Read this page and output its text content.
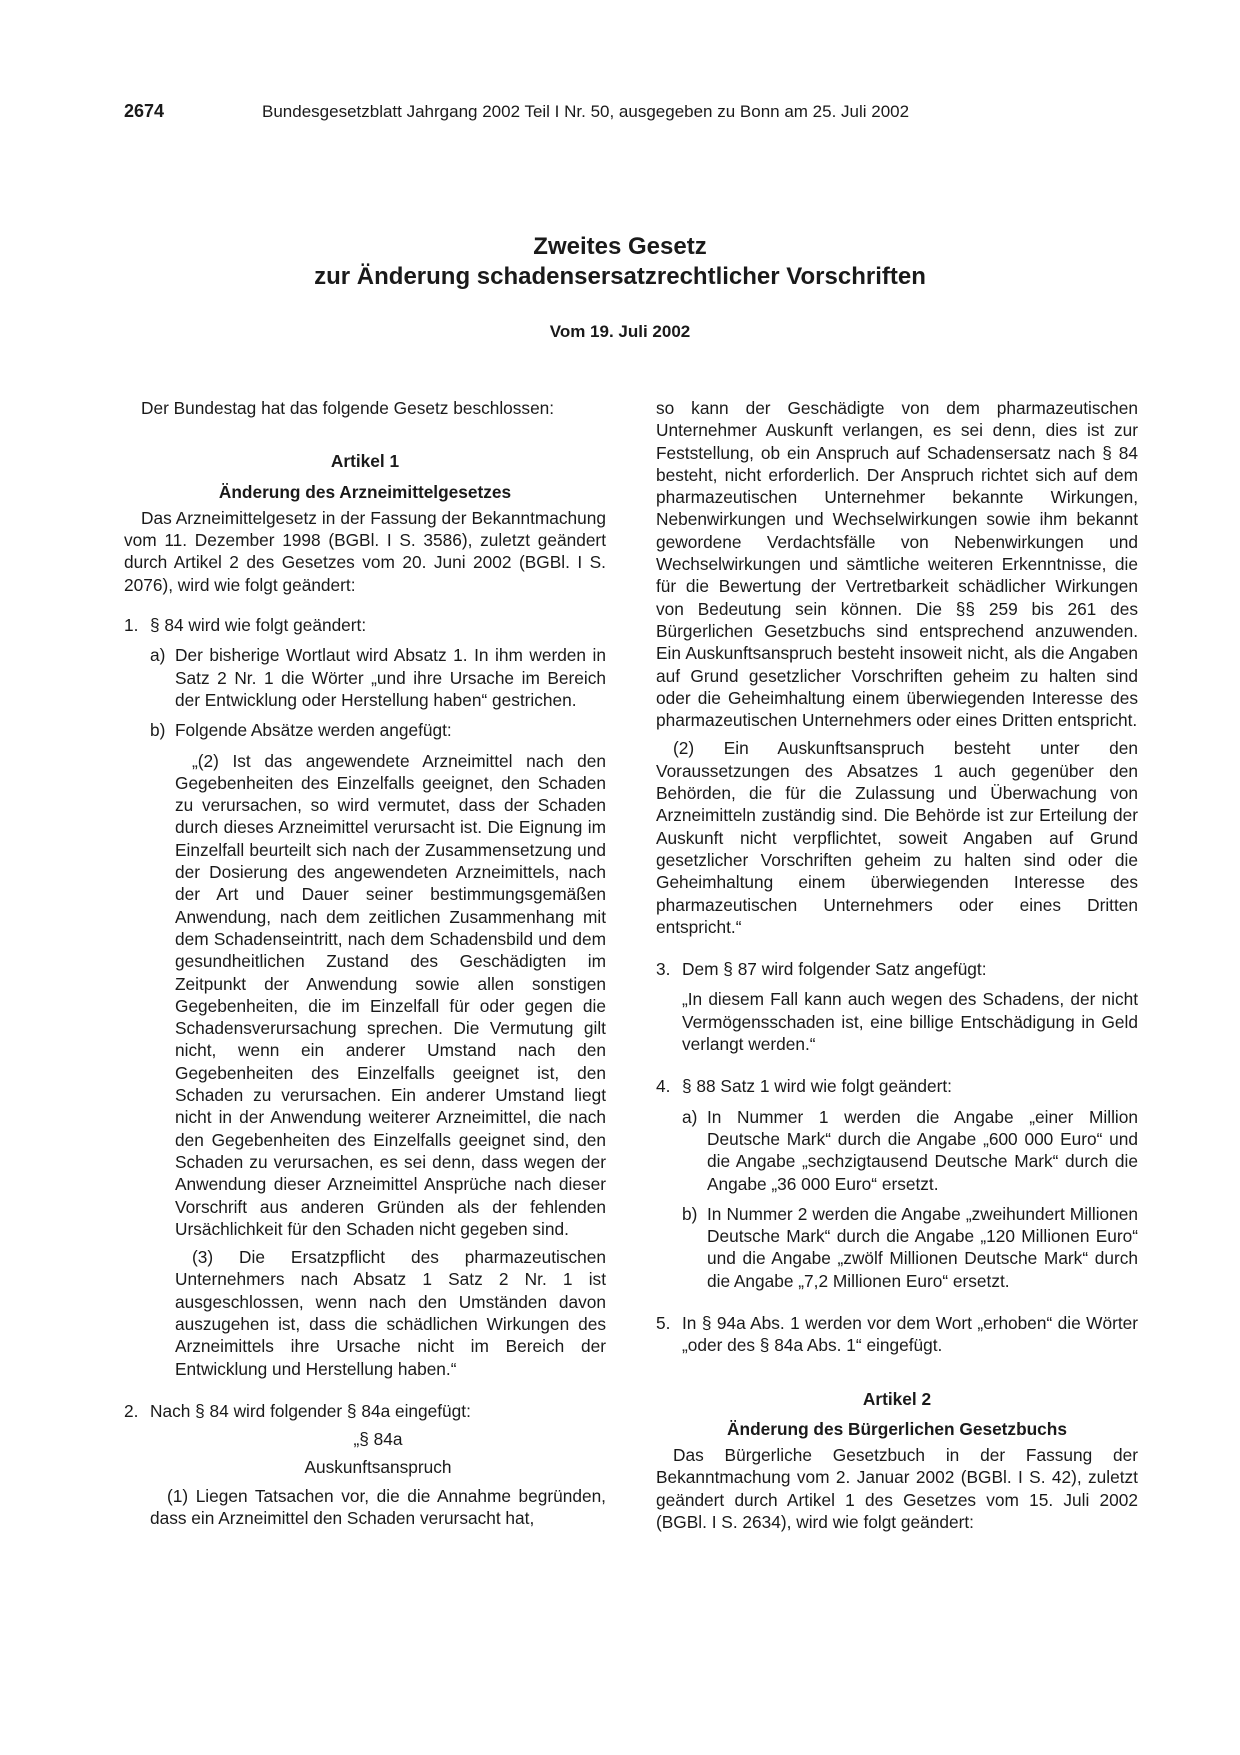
2674	Bundesgesetzblatt Jahrgang 2002 Teil I Nr. 50, ausgegeben zu Bonn am 25. Juli 2002
Zweites Gesetz
zur Änderung schadensersatzrechtlicher Vorschriften
Vom 19. Juli 2002

Der Bundestag hat das folgende Gesetz beschlossen:

Artikel 1

Änderung des Arzneimittelgesetzes

Das Arzneimittelgesetz in der Fassung der Bekanntmachung vom 11. Dezember 1998 (BGBl. I S. 3586), zuletzt geändert durch Artikel 2 des Gesetzes vom 20. Juni 2002 (BGBl. I S. 2076), wird wie folgt geändert:

1. § 84 wird wie folgt geändert:

a) Der bisherige Wortlaut wird Absatz 1. In ihm werden in Satz 2 Nr. 1 die Wörter „und ihre Ursache im Bereich der Entwicklung oder Herstellung haben“ gestrichen.

b) Folgende Absätze werden angefügt:

„(2) Ist das angewendete Arzneimittel nach den Gegebenheiten des Einzelfalls geeignet, den Schaden zu verursachen, so wird vermutet, dass der Schaden durch dieses Arzneimittel verursacht ist. Die Eignung im Einzelfall beurteilt sich nach der Zusammensetzung und der Dosierung des angewendeten Arzneimittels, nach der Art und Dauer seiner bestimmungsgemäßen Anwendung, nach dem zeitlichen Zusammenhang mit dem Schadenseintritt, nach dem Schadensbild und dem gesundheitlichen Zustand des Geschädigten im Zeitpunkt der Anwendung sowie allen sonstigen Gegebenheiten, die im Einzelfall für oder gegen die Schadensverursachung sprechen. Die Vermutung gilt nicht, wenn ein anderer Umstand nach den Gegebenheiten des Einzelfalls geeignet ist, den Schaden zu verursachen. Ein anderer Umstand liegt nicht in der Anwendung weiterer Arzneimittel, die nach den Gegebenheiten des Einzelfalls geeignet sind, den Schaden zu verursachen, es sei denn, dass wegen der Anwendung dieser Arzneimittel Ansprüche nach dieser Vorschrift aus anderen Gründen als der fehlenden Ursächlichkeit für den Schaden nicht gegeben sind.

(3) Die Ersatzpflicht des pharmazeutischen Unternehmers nach Absatz 1 Satz 2 Nr. 1 ist ausgeschlossen, wenn nach den Umständen davon auszugehen ist, dass die schädlichen Wirkungen des Arzneimittels ihre Ursache nicht im Bereich der Entwicklung und Herstellung haben.“

2. Nach § 84 wird folgender § 84a eingefügt:

„§ 84a

Auskunftsanspruch

(1) Liegen Tatsachen vor, die die Annahme begründen, dass ein Arzneimittel den Schaden verursacht hat,

so kann der Geschädigte von dem pharmazeutischen Unternehmer Auskunft verlangen, es sei denn, dies ist zur Feststellung, ob ein Anspruch auf Schadensersatz nach § 84 besteht, nicht erforderlich. Der Anspruch richtet sich auf dem pharmazeutischen Unternehmer bekannte Wirkungen, Nebenwirkungen und Wechselwirkungen sowie ihm bekannt gewordene Verdachtsfälle von Nebenwirkungen und Wechselwirkungen und sämtliche weiteren Erkenntnisse, die für die Bewertung der Vertretbarkeit schädlicher Wirkungen von Bedeutung sein können. Die §§ 259 bis 261 des Bürgerlichen Gesetzbuchs sind entsprechend anzuwenden. Ein Auskunftsanspruch besteht insoweit nicht, als die Angaben auf Grund gesetzlicher Vorschriften geheim zu halten sind oder die Geheimhaltung einem überwiegenden Interesse des pharmazeutischen Unternehmers oder eines Dritten entspricht.

(2) Ein Auskunftsanspruch besteht unter den Voraussetzungen des Absatzes 1 auch gegenüber den Behörden, die für die Zulassung und Überwachung von Arzneimitteln zuständig sind. Die Behörde ist zur Erteilung der Auskunft nicht verpflichtet, soweit Angaben auf Grund gesetzlicher Vorschriften geheim zu halten sind oder die Geheimhaltung einem überwiegenden Interesse des pharmazeutischen Unternehmers oder eines Dritten entspricht.“

3. Dem § 87 wird folgender Satz angefügt:

„In diesem Fall kann auch wegen des Schadens, der nicht Vermögensschaden ist, eine billige Entschädigung in Geld verlangt werden.“

4. § 88 Satz 1 wird wie folgt geändert:

a) In Nummer 1 werden die Angabe „einer Million Deutsche Mark“ durch die Angabe „600 000 Euro“ und die Angabe „sechzigtausend Deutsche Mark“ durch die Angabe „36 000 Euro“ ersetzt.

b) In Nummer 2 werden die Angabe „zweihundert Millionen Deutsche Mark“ durch die Angabe „120 Millionen Euro“ und die Angabe „zwölf Millionen Deutsche Mark“ durch die Angabe „7,2 Millionen Euro“ ersetzt.

5. In § 94a Abs. 1 werden vor dem Wort „erhoben“ die Wörter „oder des § 84a Abs. 1“ eingefügt.

Artikel 2

Änderung des Bürgerlichen Gesetzbuchs

Das Bürgerliche Gesetzbuch in der Fassung der Bekanntmachung vom 2. Januar 2002 (BGBl. I S. 42), zuletzt geändert durch Artikel 1 des Gesetzes vom 15. Juli 2002 (BGBl. I S. 2634), wird wie folgt geändert:
